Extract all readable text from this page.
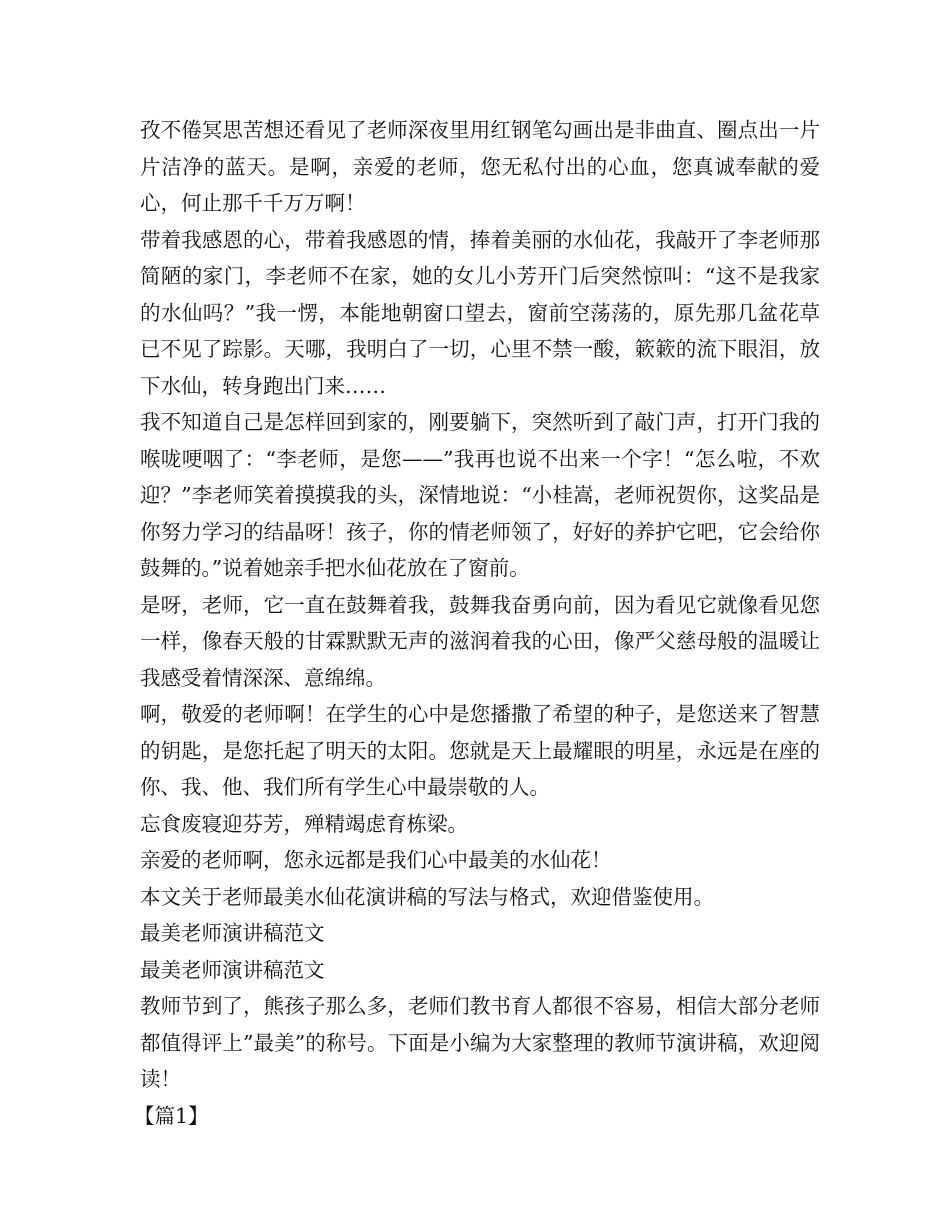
孜不倦冥思苦想还看见了老师深夜里用红钢笔勾画出是非曲直、圈点出一片片洁净的蓝天。是啊，亲爱的老师，您无私付出的心血，您真诚奉献的爱心，何止那千千万万啊！

带着我感恩的心，带着我感恩的情，捧着美丽的水仙花，我敲开了李老师那简陋的家门，李老师不在家，她的女儿小芳开门后突然惊叫：“这不是我家的水仙吗？”我一愣，本能地朝窗口望去，窗前空荡荡的，原先那几盆花草已不见了踪影。天哪，我明白了一切，心里不禁一酸，簌簌的流下眼泪，放下水仙，转身跑出门来……

我不知道自己是怎样回到家的，刚要躺下，突然听到了敲门声，打开门我的喉咙哽咽了：“李老师，是您——”我再也说不出来一个字！“怎么啦，不欢迎？”李老师笑着摸摸我的头，深情地说：“小桂嵩，老师祝贺你，这奖品是你努力学习的结晶呀！孩子，你的情老师领了，好好的养护它吧，它会给你鼓舞的。”说着她亲手把水仙花放在了窗前。

是呀，老师，它一直在鼓舞着我，鼓舞我奋勇向前，因为看见它就像看见您一样，像春天般的甘霖默默无声的滋润着我的心田，像严父慈母般的温暖让我感受着情深深、意绵绵。

啊，敬爱的老师啊！在学生的心中是您播撒了希望的种子，是您送来了智慧的钥匙，是您托起了明天的太阳。您就是天上最耀眼的明星，永远是在座的你、我、他、我们所有学生心中最崇敬的人。

忘食废寝迎芬芳，殚精竭虑育栋梁。

亲爱的老师啊，您永远都是我们心中最美的水仙花！

本文关于老师最美水仙花演讲稿的写法与格式，欢迎借鉴使用。

最美老师演讲稿范文

最美老师演讲稿范文

教师节到了，熊孩子那么多，老师们教书育人都很不容易，相信大部分老师都值得评上”最美”的称号。下面是小编为大家整理的教师节演讲稿，欢迎阅读！

【篇1】
